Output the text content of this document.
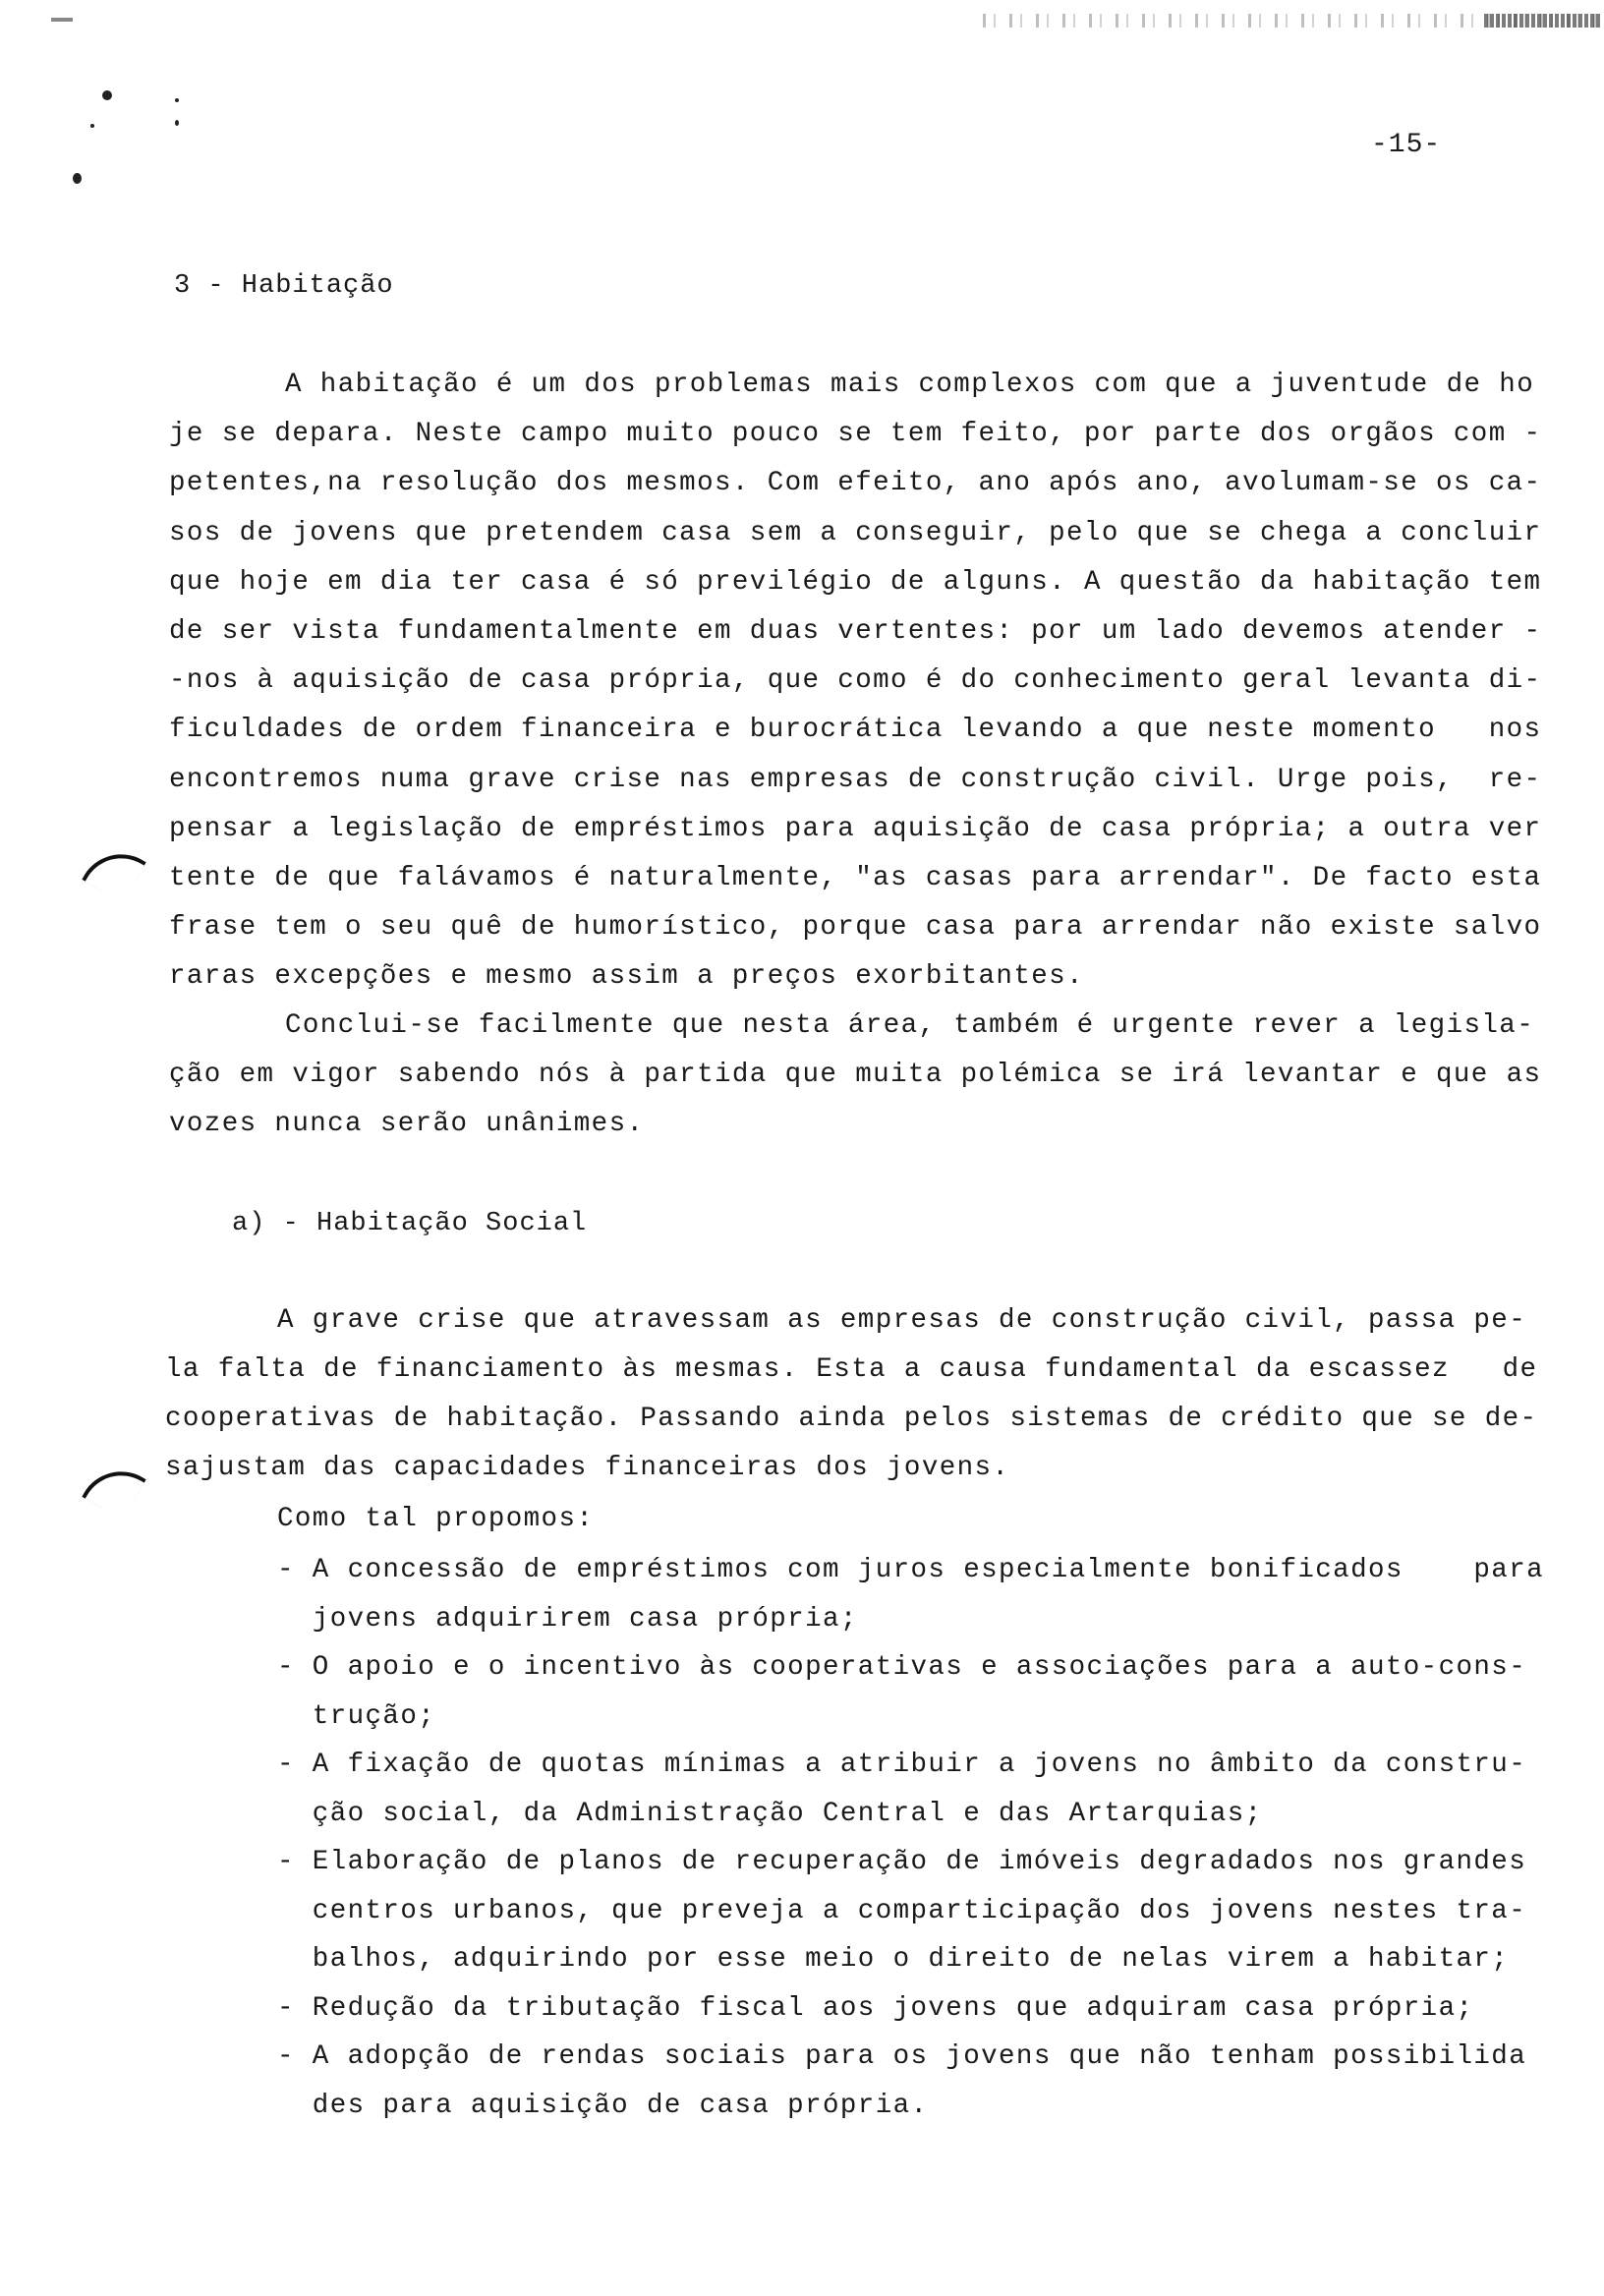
-15-
3 - Habitação
A habitação é um dos problemas mais complexos com que a juventude de ho
je se depara. Neste campo muito pouco se tem feito, por parte dos orgãos com -
petentes,na resolução dos mesmos. Com efeito, ano após ano, avolumam-se os ca-
sos de jovens que pretendem casa sem a conseguir, pelo que se chega a concluir
que hoje em dia ter casa é só previlégio de alguns. A questão da habitação tem
de ser vista fundamentalmente em duas vertentes: por um lado devemos atender -
-nos à aquisição de casa própria, que como é do conhecimento geral levanta di-
ficuldades de ordem financeira e burocrática levando a que neste momento   nos
encontremos numa grave crise nas empresas de construção civil. Urge pois,  re-
pensar a legislação de empréstimos para aquisição de casa própria; a outra ver
tente de que falávamos é naturalmente, "as casas para arrendar". De facto esta
frase tem o seu quê de humorístico, porque casa para arrendar não existe salvo
raras excepções e mesmo assim a preços exorbitantes.
Conclui-se facilmente que nesta área, também é urgente rever a legisla-
ção em vigor sabendo nós à partida que muita polémica se irá levantar e que as
vozes nunca serão unânimes.
a) - Habitação Social
A grave crise que atravessam as empresas de construção civil, passa pe-
la falta de financiamento às mesmas. Esta a causa fundamental da escassez   de
cooperativas de habitação. Passando ainda pelos sistemas de crédito que se de-
sajustam das capacidades financeiras dos jovens.
Como tal propomos:
- A concessão de empréstimos com juros especialmente bonificados    para
jovens adquirirem casa própria;
- O apoio e o incentivo às cooperativas e associações para a auto-cons-
trução;
- A fixação de quotas mínimas a atribuir a jovens no âmbito da constru-
ção social, da Administração Central e das Artarquias;
- Elaboração de planos de recuperação de imóveis degradados nos grandes
centros urbanos, que preveja a comparticipação dos jovens nestes tra-
balhos, adquirindo por esse meio o direito de nelas virem a habitar;
- Redução da tributação fiscal aos jovens que adquiram casa própria;
- A adopção de rendas sociais para os jovens que não tenham possibilida
des para aquisição de casa própria.
